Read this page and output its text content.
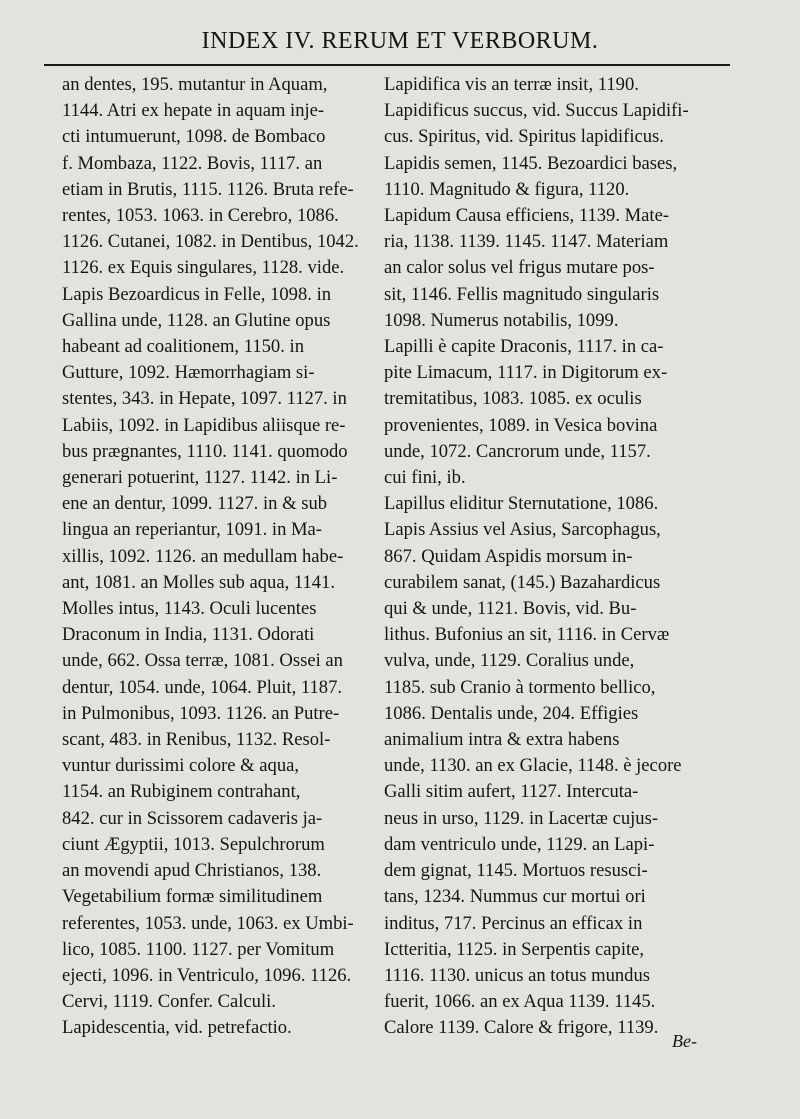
INDEX IV. RERUM ET VERBORUM.
an dentes, 195. mutantur in Aquam,
1144. Atri ex hepate in aquam inje-
cti intumuerunt, 1098. de Bombaco
f. Mombaza, 1122. Bovis, 1117. an
etiam in Brutis, 1115. 1126. Bruta refe-
rentes, 1053. 1063. in Cerebro, 1086.
1126. Cutanei, 1082. in Dentibus, 1042.
1126. ex Equis singulares, 1128. vide.
Lapis Bezoardicus in Felle, 1098. in
Gallina unde, 1128. an Glutine opus
habeant ad coalitionem, 1150. in
Gutture, 1092. Hæmorrhagiam si-
stentes, 343. in Hepate, 1097. 1127. in
Labiis, 1092. in Lapidibus aliisque re-
bus prægnantes, 1110. 1141. quomodo
generari potuerint, 1127. 1142. in Li-
ene an dentur, 1099. 1127. in & sub
lingua an reperiantur, 1091. in Ma-
xillis, 1092. 1126. an medullam habe-
ant, 1081. an Molles sub aqua, 1141.
Molles intus, 1143. Oculi lucentes
Draconum in India, 1131. Odorati
unde, 662. Ossa terræ, 1081. Ossei an
dentur, 1054. unde, 1064. Pluit, 1187.
in Pulmonibus, 1093. 1126. an Putre-
scant, 483. in Renibus, 1132. Resol-
vuntur durissimi colore & aqua,
1154. an Rubiginem contrahant,
842. cur in Scissorem cadaveris ja-
ciunt Ægyptii, 1013. Sepulchrorum
an movendi apud Christianos, 138.
Vegetabilium formæ similitudinem
referentes, 1053. unde, 1063. ex Umbi-
lico, 1085. 1100. 1127. per Vomitum
ejecti, 1096. in Ventriculo, 1096. 1126.
Cervi, 1119. Confer. Calculi.
Lapidescentia, vid. petrefactio.
Lapidifica vis an terræ insit, 1190.
Lapidificus succus, vid. Succus Lapidifi-
cus. Spiritus, vid. Spiritus lapidificus.
Lapidis semen, 1145. Bezoardici bases,
1110. Magnitudo & figura, 1120.
Lapidum Causa efficiens, 1139. Mate-
ria, 1138. 1139. 1145. 1147. Materiam
an calor solus vel frigus mutare pos-
sit, 1146. Fellis magnitudo singularis
1098. Numerus notabilis, 1099.
Lapilli è capite Draconis, 1117. in ca-
pite Limacum, 1117. in Digitorum ex-
tremitatibus, 1083. 1085. ex oculis
provenientes, 1089. in Vesica bovina
unde, 1072. Cancrorum unde, 1157.
cui fini, ib.
Lapillus eliditur Sternutatione, 1086.
Lapis Assius vel Asius, Sarcophagus,
867. Quidam Aspidis morsum in-
curabilem sanat, (145.) Bazahardicus
qui & unde, 1121. Bovis, vid. Bu-
lithus. Bufonius an sit, 1116. in Cervæ
vulva, unde, 1129. Coralius unde,
1185. sub Cranio à tormento bellico,
1086. Dentalis unde, 204. Effigies
animalium intra & extra habens
unde, 1130. an ex Glacie, 1148. è jecore
Galli sitim aufert, 1127. Intercuta-
neus in urso, 1129. in Lacertæ cujus-
dam ventriculo unde, 1129. an Lapi-
dem gignat, 1145. Mortuos resusci-
tans, 1234. Nummus cur mortui ori
inditus, 717. Percinus an efficax in
Ictteritia, 1125. in Serpentis capite,
1116. 1130. unicus an totus mundus
fuerit, 1066. an ex Aqua 1139. 1145.
Calore 1139. Calore & frigore, 1139.
Be-
